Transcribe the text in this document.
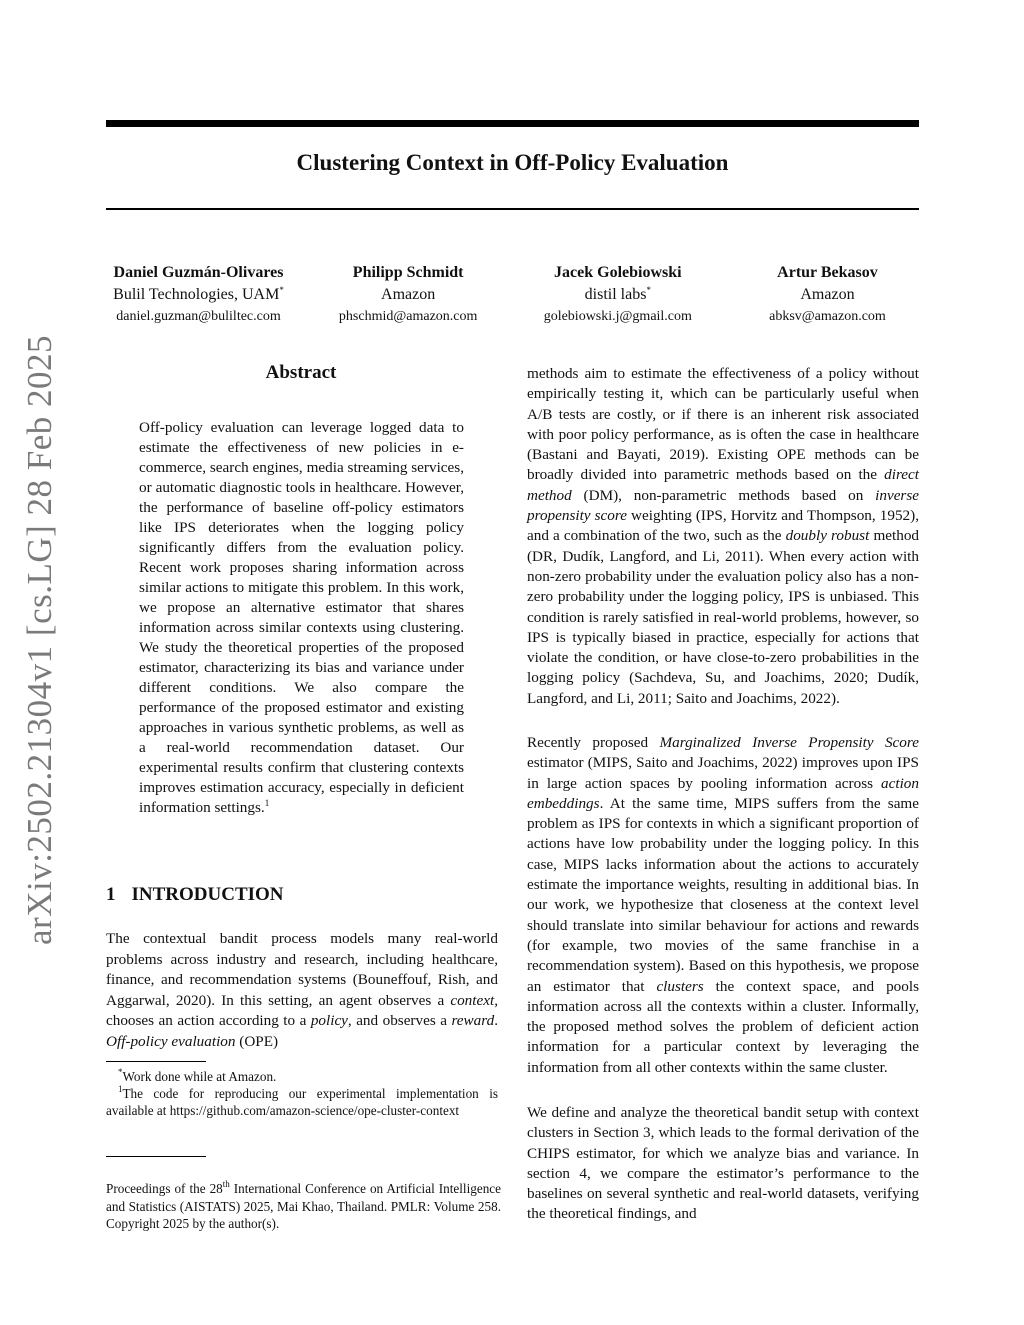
Clustering Context in Off-Policy Evaluation
Daniel Guzmán-Olivares
Bulil Technologies, UAM*
daniel.guzman@buliltec.com
Philipp Schmidt
Amazon
phschmid@amazon.com
Jacek Golebiowski
distil labs*
golebiowski.j@gmail.com
Artur Bekasov
Amazon
abksv@amazon.com
arXiv:2502.21304v1 [cs.LG] 28 Feb 2025	Abstract

Off-policy evaluation can leverage logged data to estimate the effectiveness of new policies in e-commerce, search engines, media streaming services, or automatic diagnostic tools in healthcare. However, the performance of baseline off-policy estimators like IPS deteriorates when the logging policy significantly differs from the evaluation policy. Recent work proposes sharing information across similar actions to mitigate this problem. In this work, we propose an alternative estimator that shares information across similar contexts using clustering. We study the theoretical properties of the proposed estimator, characterizing its bias and variance under different conditions. We also compare the performance of the proposed estimator and existing approaches in various synthetic problems, as well as a real-world recommendation dataset. Our experimental results confirm that clustering contexts improves estimation accuracy, especially in deficient information settings.$^1$

1 INTRODUCTION

The contextual bandit process models many real-world problems across industry and research, including healthcare, finance, and recommendation systems (Bouneffouf, Rish, and Aggarwal, 2020). In this setting, an agent observes a context, chooses an action according to a policy, and observes a reward. Off-policy evaluation (OPE)

*Work done while at Amazon.

$^1$The code for reproducing our experimental implementation is available at https://github.com/amazon-science/ope-cluster-context

Proceedings of the 28th International Conference on Artificial Intelligence and Statistics (AISTATS) 2025, Mai Khao, Thailand. PMLR: Volume 258. Copyright 2025 by the author(s).

methods aim to estimate the effectiveness of a policy without empirically testing it, which can be particularly useful when A/B tests are costly, or if there is an inherent risk associated with poor policy performance, as is often the case in healthcare (Bastani and Bayati, 2019). Existing OPE methods can be broadly divided into parametric methods based on the direct method (DM), non-parametric methods based on inverse propensity score weighting (IPS, Horvitz and Thompson, 1952), and a combination of the two, such as the doubly robust method (DR, Dudík, Langford, and Li, 2011). When every action with non-zero probability under the evaluation policy also has a non-zero probability under the logging policy, IPS is unbiased. This condition is rarely satisfied in real-world problems, however, so IPS is typically biased in practice, especially for actions that violate the condition, or have close-to-zero probabilities in the logging policy (Sachdeva, Su, and Joachims, 2020; Dudík, Langford, and Li, 2011; Saito and Joachims, 2022).

Recently proposed Marginalized Inverse Propensity Score estimator (MIPS, Saito and Joachims, 2022) improves upon IPS in large action spaces by pooling information across action embeddings. At the same time, MIPS suffers from the same problem as IPS for contexts in which a significant proportion of actions have low probability under the logging policy. In this case, MIPS lacks information about the actions to accurately estimate the importance weights, resulting in additional bias. In our work, we hypothesize that closeness at the context level should translate into similar behaviour for actions and rewards (for example, two movies of the same franchise in a recommendation system). Based on this hypothesis, we propose an estimator that clusters the context space, and pools information across all the contexts within a cluster. Informally, the proposed method solves the problem of deficient action information for a particular context by leveraging the information from all other contexts within the same cluster.

We define and analyze the theoretical bandit setup with context clusters in Section 3, which leads to the formal derivation of the CHIPS estimator, for which we analyze bias and variance. In section 4, we compare the estimator’s performance to the baselines on several synthetic and real-world datasets, verifying the theoretical findings, and
